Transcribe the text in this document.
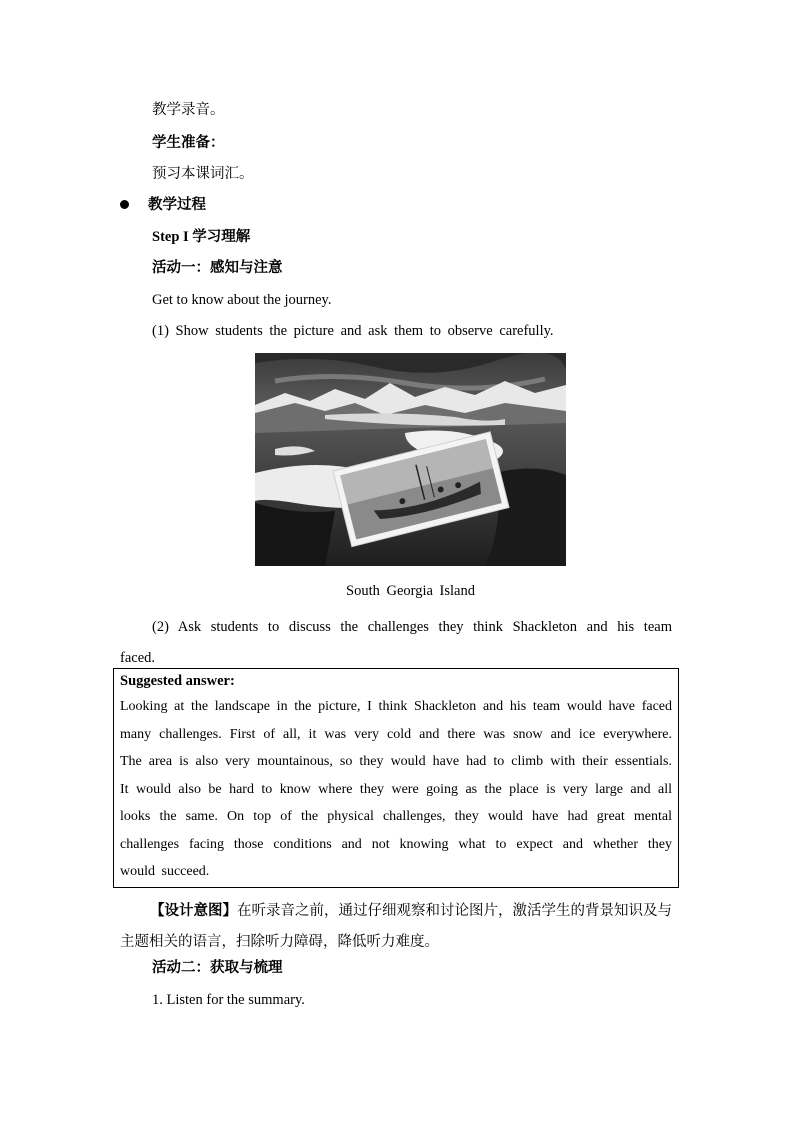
教学录音。
学生准备：
预习本课词汇。
教学过程
Step I 学习理解
活动一：感知与注意
Get to know about the journey.
(1) Show students the picture and ask them to observe carefully.
South Georgia Island
(2) Ask students to discuss the challenges they think Shackleton and his team faced.
Suggested answer:
Looking at the landscape in the picture, I think Shackleton and his team would have faced many challenges. First of all, it was very cold and there was snow and ice everywhere. The area is also very mountainous, so they would have had to climb with their essentials. It would also be hard to know where they were going as the place is very large and all looks the same. On top of the physical challenges, they would have had great mental challenges facing those conditions and not knowing what to expect and whether they would succeed.
【设计意图】在听录音之前，通过仔细观察和讨论图片，激活学生的背景知识及与主题相关的语言，扫除听力障碍，降低听力难度。
活动二：获取与梳理
1. Listen for the summary.
